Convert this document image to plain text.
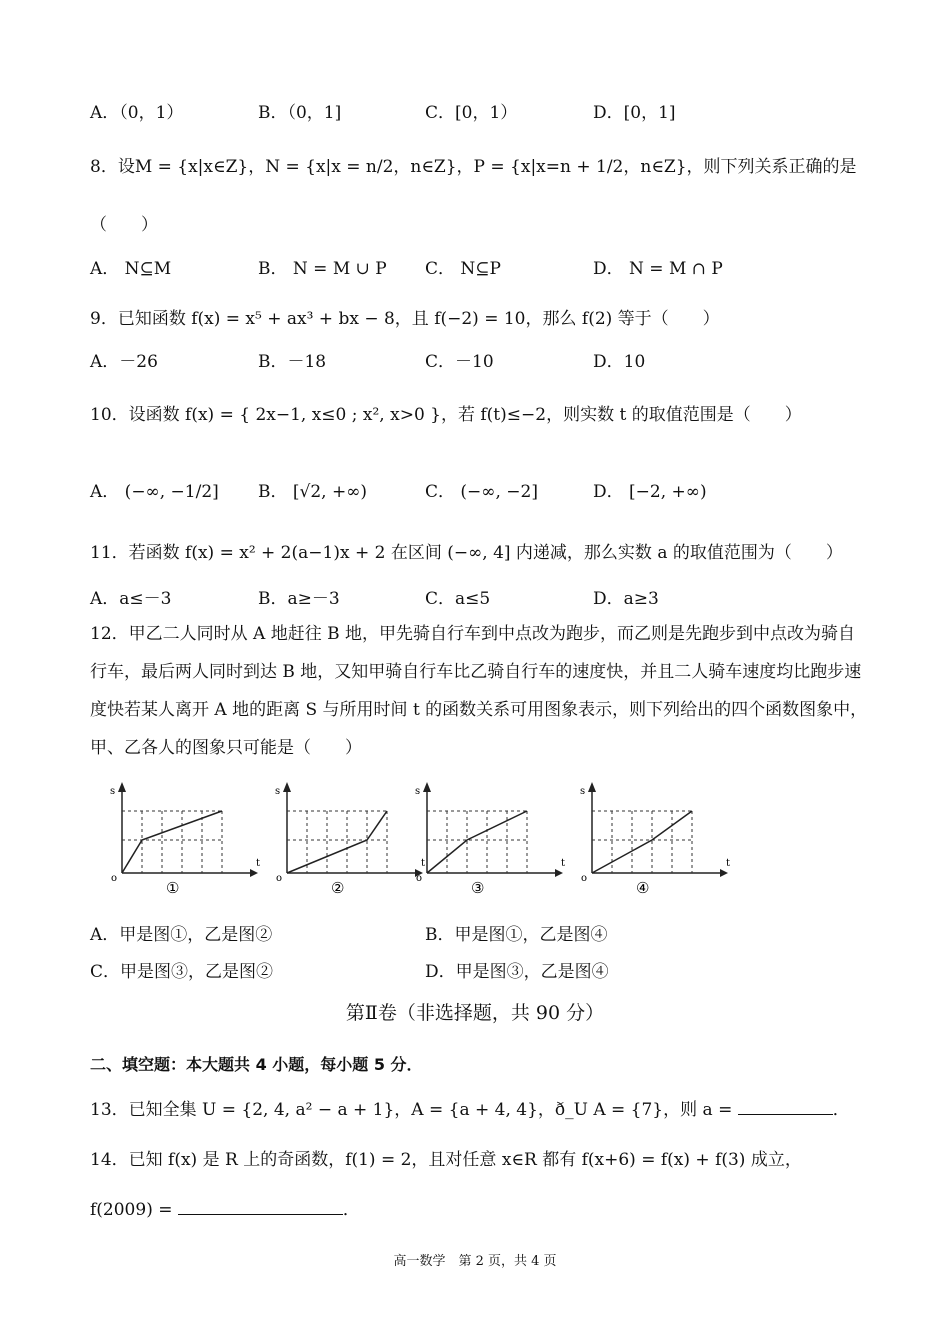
A．（0，1）	B．（0，1]	C．[0，1）	D．[0，1]
8．设M = {x|x∈Z}，N = {x|x = n/2，n∈Z}，P = {x|x=n + 1/2，n∈Z}，则下列关系正确的是
（　　）
A． N⊆M	B． N = M ∪ P C． N⊆P	D． N = M ∩ P
9．已知函数 f(x) = x⁵ + ax³ + bx − 8，且 f(−2) = 10，那么 f(2) 等于（　　）
A．－26	B．－18	C．－10	D．10
10．设函数 f(x) = { 2x−1, x≤0 ; x², x>0 }，若 f(t)≤−2，则实数 t 的取值范围是（　　）
A． (−∞, −1/2] B． [√2, +∞)	C． (−∞, −2]	D． [−2, +∞)
11．若函数 f(x) = x² + 2(a−1)x + 2 在区间 (−∞, 4] 内递减，那么实数 a 的取值范围为（　　）
A．a≤－3	B．a≥－3	C．a≤5	D．a≥3
12．甲乙二人同时从 A 地赶往 B 地，甲先骑自行车到中点改为跑步，而乙则是先跑步到中点改为骑自行车，最后两人同时到达 B 地，又知甲骑自行车比乙骑自行车的速度快，并且二人骑车速度均比跑步速度快若某人离开 A 地的距离 S 与所用时间 t 的函数关系可用图象表示，则下列给出的四个函数图象中，甲、乙各人的图象只可能是（　　）
s
t
o
①
s
t
o
②
s
t
o
③
s
t
o
④
A．甲是图①，乙是图②	B．甲是图①，乙是图④
C．甲是图③，乙是图②	D．甲是图③，乙是图④
第Ⅱ卷（非选择题，共 90 分）
二、填空题：本大题共 4 小题，每小题 5 分．
13．已知全集 U = {2, 4, a² − a + 1}，A = {a + 4, 4}，ð_U A = {7}，则 a =	．
14．已知 f(x) 是 R 上的奇函数，f(1) = 2，且对任意 x∈R 都有 f(x+6) = f(x) + f(3) 成立，
f(2009) =	．
高一数学　第 2 页，共 4 页
